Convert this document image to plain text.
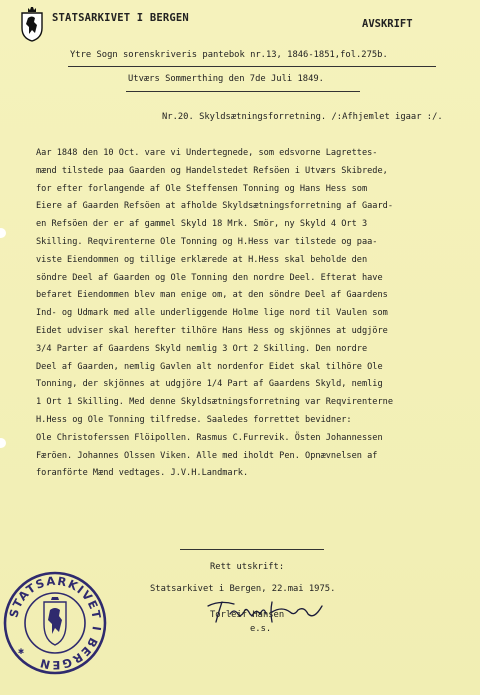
STATSARKIVET I BERGEN	AVSKRIFT
Ytre Sogn sorenskriveris pantebok nr.13, 1846-1851,fol.275b.
Utværs Sommerthing den 7de Juli 1849.
Nr.20. Skyldsætningsforretning. /:Afhjemlet igaar :/.
Aar 1848 den 10 Oct. vare vi Undertegnede, som edsvorne Lagrettes-
mænd tilstede paa Gaarden og Handelstedet Refsöen i Utværs Skibrede,
for efter forlangende af Ole Steffensen Tonning og Hans Hess som
Eiere af Gaarden Refsöen at afholde Skyldsætningsforretning af Gaard-
en Refsöen der er af gammel Skyld 18 Mrk. Smör, ny Skyld 4 Ort 3
Skilling. Reqvirenterne Ole Tonning og H.Hess var tilstede og paa-
viste Eiendommen og tillige erklærede at H.Hess skal beholde den
söndre Deel af Gaarden og Ole Tonning den nordre Deel. Efterat have
befaret Eiendommen blev man enige om, at den söndre Deel af Gaardens
Ind- og Udmark med alle underliggende Holme lige nord til Vaulen som
Eidet udviser skal herefter tilhöre Hans Hess og skjönnes at udgjöre
3/4 Parter af Gaardens Skyld nemlig 3 Ort 2 Skilling. Den nordre
Deel af Gaarden, nemlig Gavlen alt nordenfor Eidet skal tilhöre Ole
Tonning, der skjönnes at udgjöre 1/4 Part af Gaardens Skyld, nemlig
1 Ort 1 Skilling. Med denne Skyldsætningsforretning var Reqvirenterne
H.Hess og Ole Tonning tilfredse. Saaledes forrettet bevidner:
Ole Christoferssen Flöipollen. Rasmus C.Furrevik. Östen Johannessen
Færöen. Johannes Olssen Viken. Alle med iholdt Pen. Opnævnelsen af
foranförte Mænd vedtages. J.V.H.Landmark.
Rett utskrift:
Statsarkivet i Bergen, 22.mai 1975.
Torleif Hansen
e.s.
STATSARKIVET I BERGEN
✱
